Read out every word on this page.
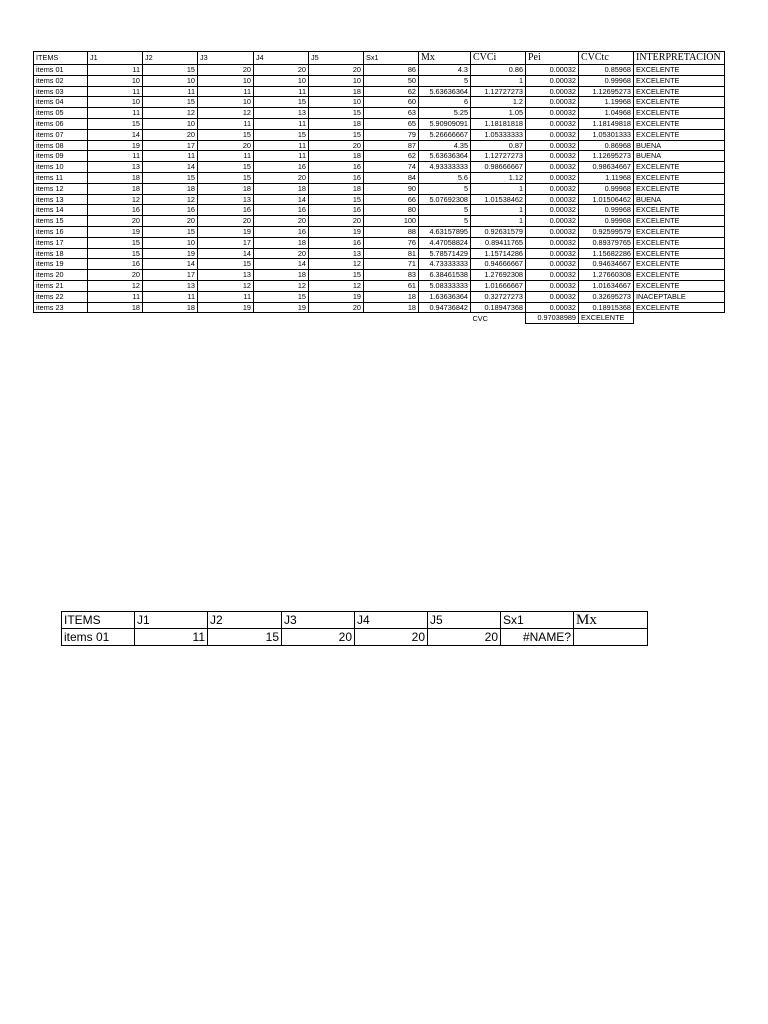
ITEMS	J1	J2	J3	J4	J5	Sx1	Mx	CVCi	Pei	CVCtc	INTERPRETACIÓN
items 01	11	15	20	20	20	86	4.3	0.86	0.00032	0.85968	EXCELENTE
items 02	10	10	10	10	10	50	5	1	0.00032	0.99968	EXCELENTE
items 03	11	11	11	11	18	62	5.63636364	1.12727273	0.00032	1.12695273	EXCELENTE
items 04	10	15	10	15	10	60	6	1.2	0.00032	1.19968	EXCELENTE
items 05	11	12	12	13	15	63	5.25	1.05	0.00032	1.04968	EXCELENTE
items 06	15	10	11	11	18	65	5.90909091	1.18181818	0.00032	1.18149818	EXCELENTE
items 07	14	20	15	15	15	79	5.26666667	1.05333333	0.00032	1.05301333	EXCELENTE
items 08	19	17	20	11	20	87	4.35	0.87	0.00032	0.86968	BUENA
items 09	11	11	11	11	18	62	5.63636364	1.12727273	0.00032	1.12695273	BUENA
items 10	13	14	15	16	16	74	4.93333333	0.98666667	0.00032	0.98634667	EXCELENTE
items 11	18	15	15	20	16	84	5.6	1.12	0.00032	1.11968	EXCELENTE
items 12	18	18	18	18	18	90	5	1	0.00032	0.99968	EXCELENTE
items 13	12	12	13	14	15	66	5.07692308	1.01538462	0.00032	1.01506462	BUENA
items 14	16	16	16	16	16	80	5	1	0.00032	0.99968	EXCELENTE
items 15	20	20	20	20	20	100	5	1	0.00032	0.99968	EXCELENTE
items 16	19	15	19	16	19	88	4.63157895	0.92631579	0.00032	0.92599579	EXCELENTE
items 17	15	10	17	18	16	76	4.47058824	0.89411765	0.00032	0.89379765	EXCELENTE
items 18	15	19	14	20	13	81	5.78571429	1.15714286	0.00032	1.15682286	EXCELENTE
items 19	16	14	15	14	12	71	4.73333333	0.94666667	0.00032	0.94634667	EXCELENTE
items 20	20	17	13	18	15	83	6.38461538	1.27692308	0.00032	1.27660308	EXCELENTE
items 21	12	13	12	12	12	61	5.08333333	1.01666667	0.00032	1.01634667	EXCELENTE
items 22	11	11	11	15	19	18	1.63636364	0.32727273	0.00032	0.32695273	INACEPTABLE
items 23	18	18	19	19	20	18	0.94736842	0.18947368	0.00032	0.18915368	EXCELENTE
								CVC	0.97038989	EXCELENTE	
ITEMS	J1	J2	J3	J4	J5	Sx1	Mx
items 01	11	15	20	20	20	#NAME?	
